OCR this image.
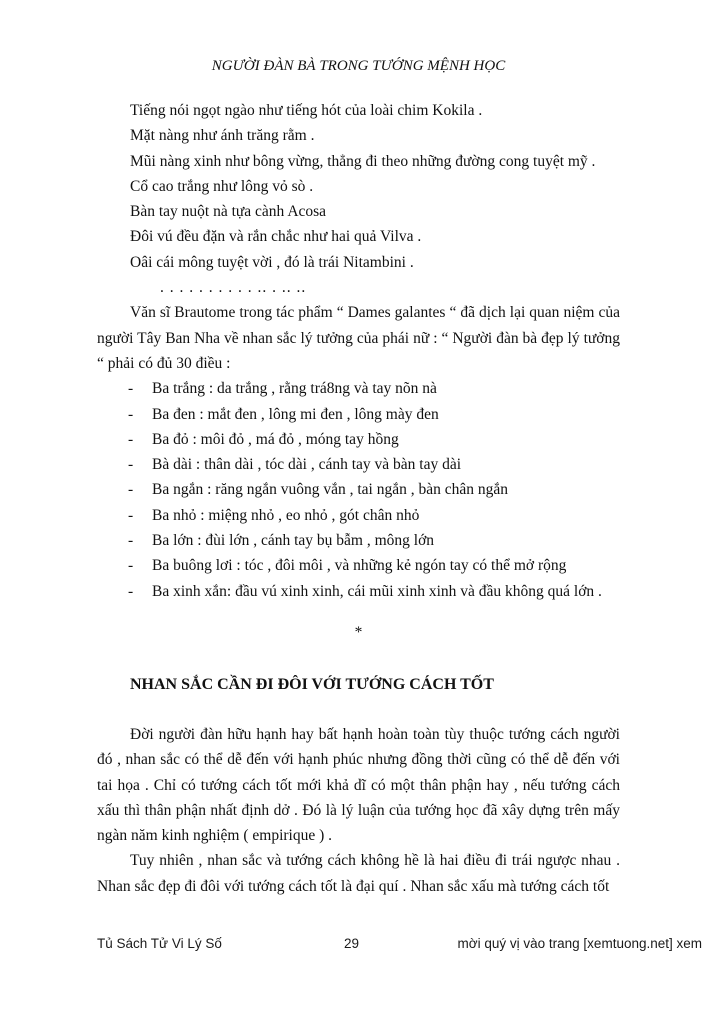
NGƯỜI ĐÀN BÀ TRONG TƯỚNG MỆNH HỌC
Tiếng nói ngọt ngào như tiếng hót của loài chim Kokila .
Mặt nàng như ánh trăng rằm .
Mũi nàng xinh như bông vừng, thẳng đi theo những đường cong tuyệt mỹ .
Cổ cao trắng như lông vỏ sò .
Bàn tay nuột nà tựa cành Acosa
Đôi vú đều đặn và rắn chắc như hai quả Vilva .
Oâi cái mông tuyệt vời , đó là trái Nitambini .
. . . . . . . . . . .. . .. ..

Văn sĩ Brautome trong tác phẩm “ Dames galantes “ đã dịch lại quan niệm của người Tây Ban Nha về nhan sắc lý tưởng của phái nữ : “ Người đàn bà đẹp lý tưởng “ phải có đủ 30 điều :

-	Ba trắng : da trắng , rằng trá8ng và tay nõn nà
-	Ba đen : mắt đen , lông mi đen , lông mày đen
-	Ba đỏ : môi đỏ , má đỏ , móng tay hồng
-	Bà dài : thân dài , tóc dài , cánh tay và bàn tay dài
-	Ba ngắn : răng ngắn vuông vắn , tai ngắn , bàn chân ngắn
-	Ba nhỏ : miệng nhỏ , eo nhỏ , gót chân nhỏ
-	Ba lớn : đùi lớn , cánh tay bụ bẫm , mông lớn
-	Ba buông lơi : tóc , đôi môi , và những kẻ ngón tay có thể mở rộng
-	Ba xinh xắn: đầu vú xinh xinh, cái mũi xinh xinh và đầu không quá lớn .
*
NHAN SẮC CẦN ĐI ĐÔI VỚI TƯỚNG CÁCH TỐT

Đời người đàn hữu hạnh hay bất hạnh hoàn toàn tùy thuộc tướng cách người đó , nhan sắc có thể dễ đến với hạnh phúc nhưng đồng thời cũng có thể dễ đến với tai họa . Chỉ có tướng cách tốt mới khả dĩ có một thân phận hay , nếu tướng cách xấu thì thân phận nhất định dở . Đó là lý luận của tướng học đã xây dựng trên mấy ngàn năm kinh nghiệm ( empirique ) .

Tuy nhiên , nhan sắc và tướng cách không hề là hai điều đi trái ngược nhau . Nhan sắc đẹp đi đôi với tướng cách tốt là đại quí . Nhan sắc xấu mà tướng cách tốt

Tủ Sách Tử Vi Lý Số	29	mời quý vị vào trang [xemtuong.net] xem
